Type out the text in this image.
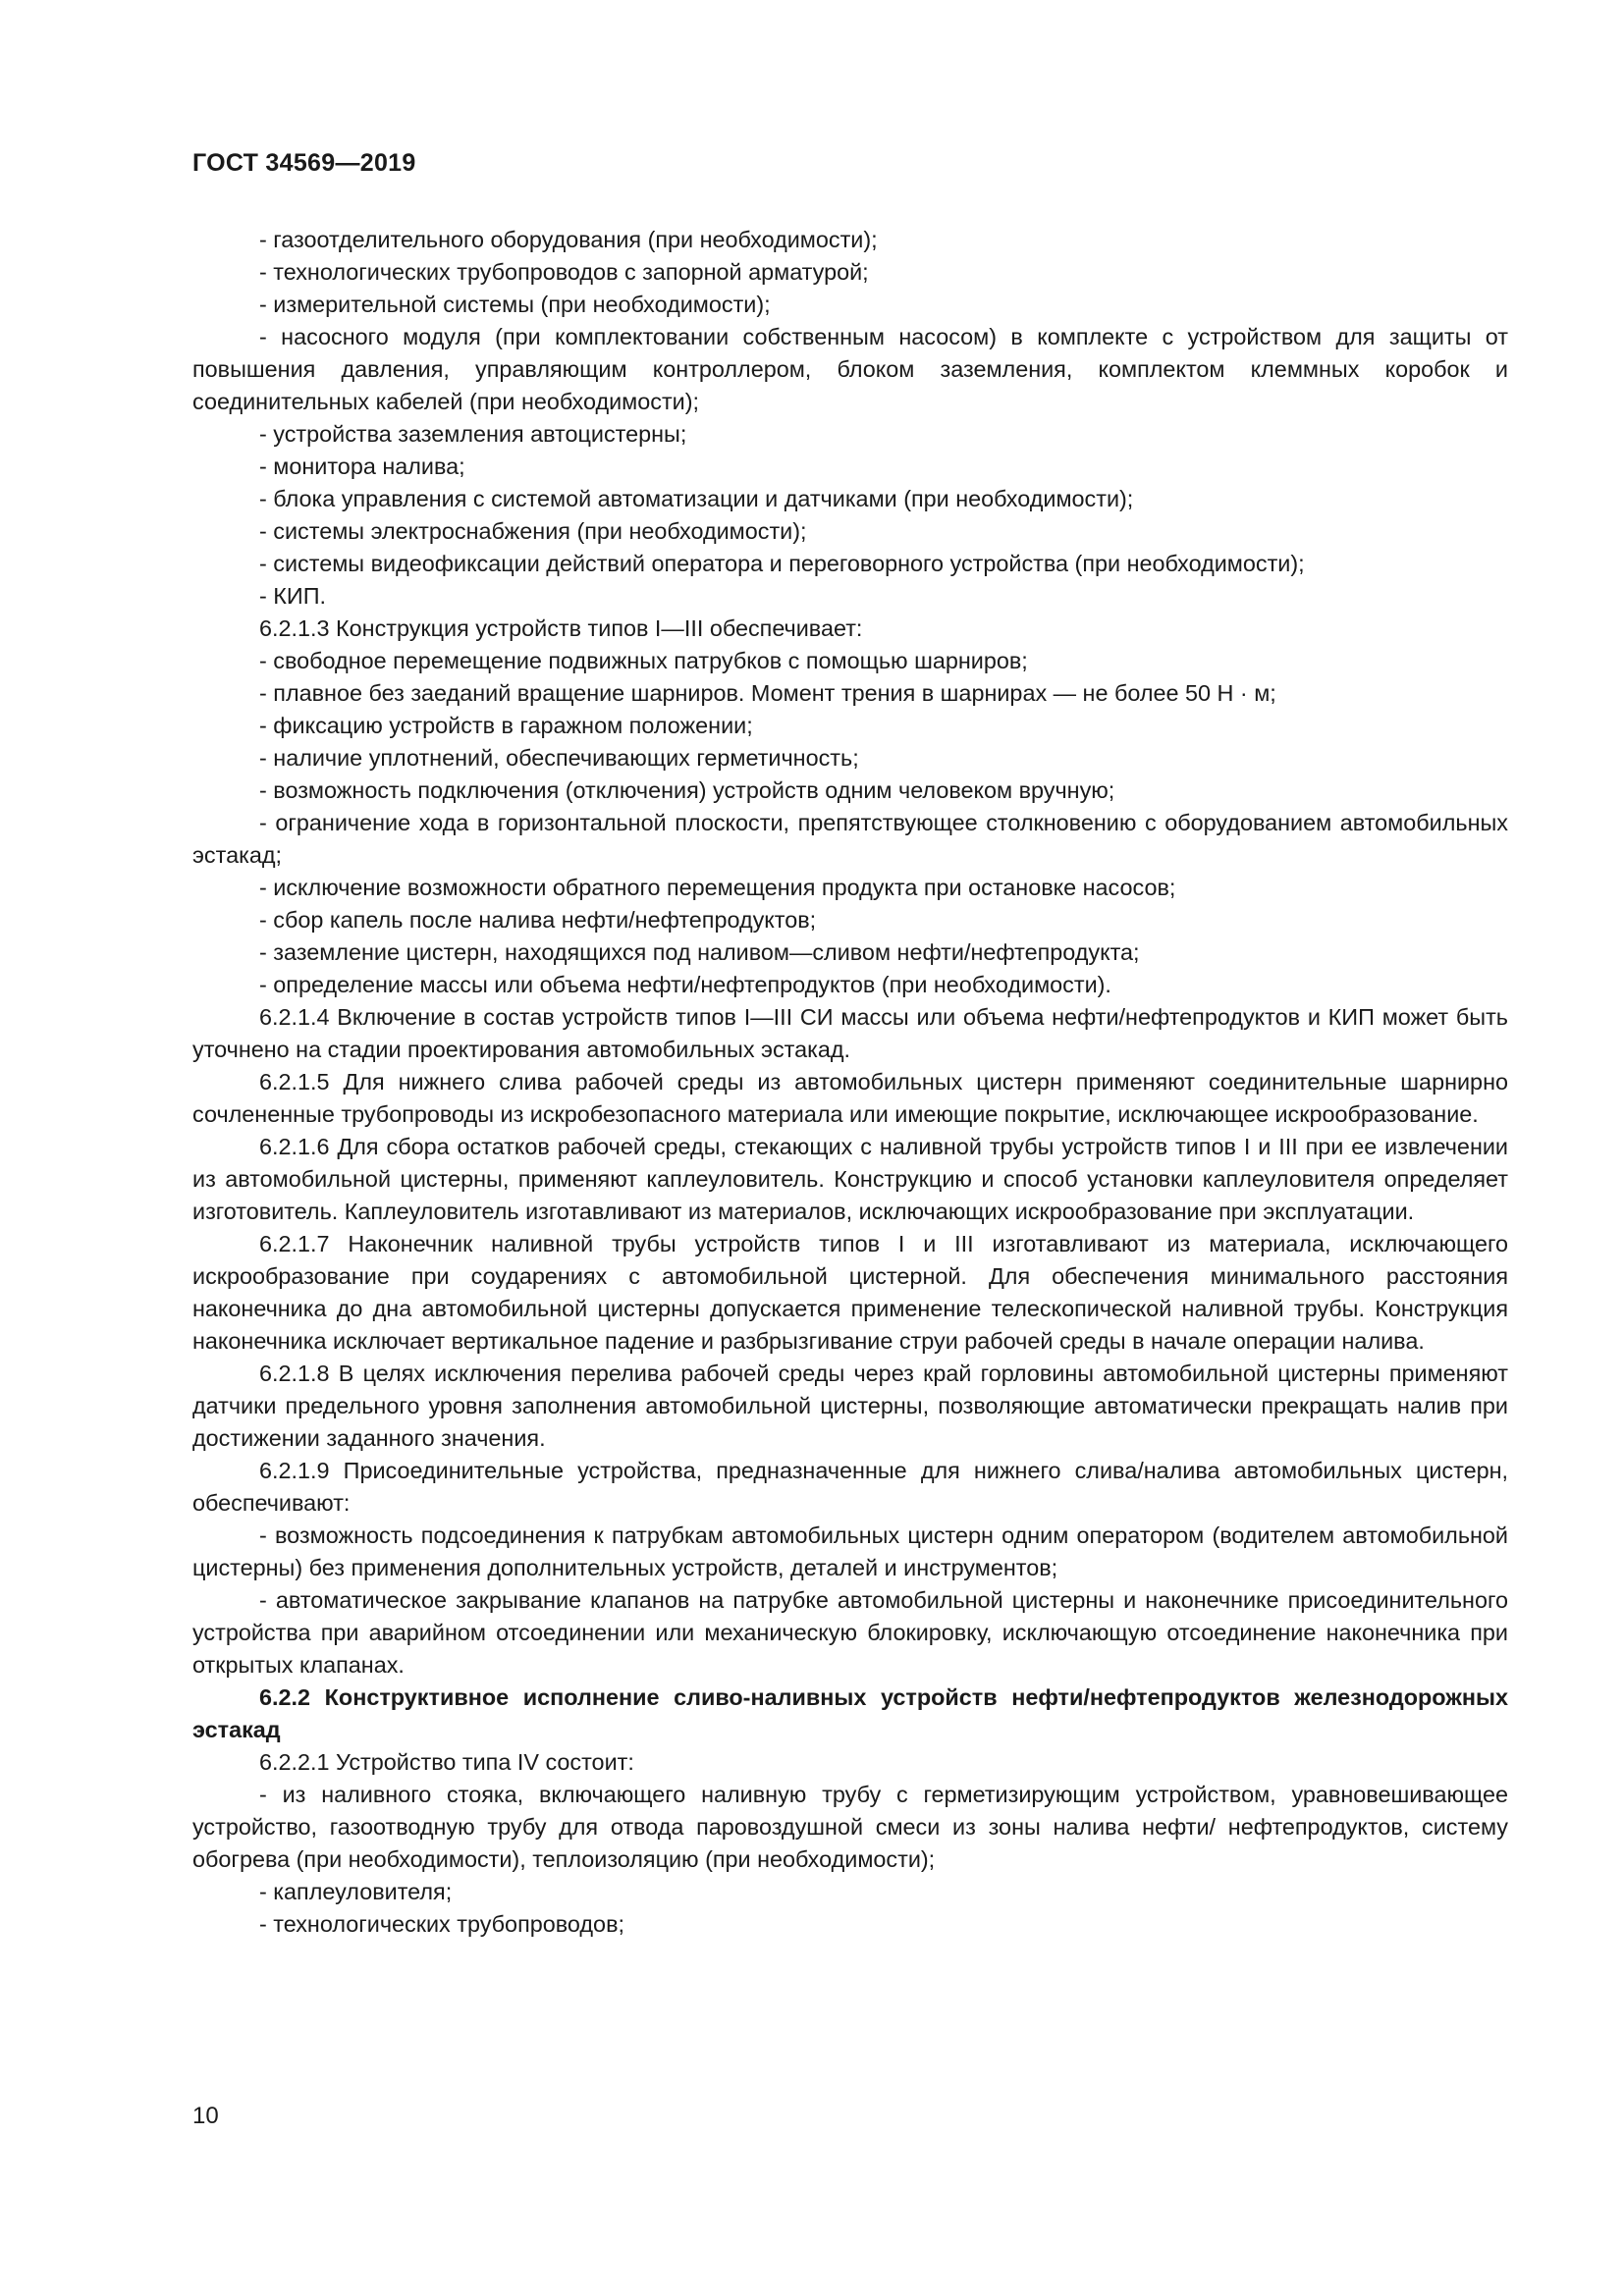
ГОСТ 34569—2019

- газоотделительного оборудования (при необходимости);

- технологических трубопроводов с запорной арматурой;

- измерительной системы (при необходимости);

- насосного модуля (при комплектовании собственным насосом) в комплекте с устройством для защиты от повышения давления, управляющим контроллером, блоком заземления, комплектом клеммных коробок и соединительных кабелей (при необходимости);

- устройства заземления автоцистерны;

- монитора налива;

- блока управления с системой автоматизации и датчиками (при необходимости);

- системы электроснабжения (при необходимости);

- системы видеофиксации действий оператора и переговорного устройства (при необходимости);

- КИП.

6.2.1.3 Конструкция устройств типов I—III обеспечивает:

- свободное перемещение подвижных патрубков с помощью шарниров;

- плавное без заеданий вращение шарниров. Момент трения в шарнирах — не более 50 Н · м;

- фиксацию устройств в гаражном положении;

- наличие уплотнений, обеспечивающих герметичность;

- возможность подключения (отключения) устройств одним человеком вручную;

- ограничение хода в горизонтальной плоскости, препятствующее столкновению с оборудованием автомобильных эстакад;

- исключение возможности обратного перемещения продукта при остановке насосов;

- сбор капель после налива нефти/нефтепродуктов;

- заземление цистерн, находящихся под наливом—сливом нефти/нефтепродукта;

- определение массы или объема нефти/нефтепродуктов (при необходимости).

6.2.1.4 Включение в состав устройств типов I—III СИ массы или объема нефти/нефтепродуктов и КИП может быть уточнено на стадии проектирования автомобильных эстакад.

6.2.1.5 Для нижнего слива рабочей среды из автомобильных цистерн применяют соединительные шарнирно сочлененные трубопроводы из искробезопасного материала или имеющие покрытие, исключающее искрообразование.

6.2.1.6 Для сбора остатков рабочей среды, стекающих с наливной трубы устройств типов I и III при ее извлечении из автомобильной цистерны, применяют каплеуловитель. Конструкцию и способ установки каплеуловителя определяет изготовитель. Каплеуловитель изготавливают из материалов, исключающих искрообразование при эксплуатации.

6.2.1.7 Наконечник наливной трубы устройств типов I и III изготавливают из материала, исключающего искрообразование при соударениях с автомобильной цистерной. Для обеспечения минимального расстояния наконечника до дна автомобильной цистерны допускается применение телескопической наливной трубы. Конструкция наконечника исключает вертикальное падение и разбрызгивание струи рабочей среды в начале операции налива.

6.2.1.8 В целях исключения перелива рабочей среды через край горловины автомобильной цистерны применяют датчики предельного уровня заполнения автомобильной цистерны, позволяющие автоматически прекращать налив при достижении заданного значения.

6.2.1.9 Присоединительные устройства, предназначенные для нижнего слива/налива автомобильных цистерн, обеспечивают:

- возможность подсоединения к патрубкам автомобильных цистерн одним оператором (водителем автомобильной цистерны) без применения дополнительных устройств, деталей и инструментов;

- автоматическое закрывание клапанов на патрубке автомобильной цистерны и наконечнике присоединительного устройства при аварийном отсоединении или механическую блокировку, исключающую отсоединение наконечника при открытых клапанах.

6.2.2 Конструктивное исполнение сливо-наливных устройств нефти/нефтепродуктов железнодорожных эстакад

6.2.2.1 Устройство типа IV состоит:

- из наливного стояка, включающего наливную трубу с герметизирующим устройством, уравновешивающее устройство, газоотводную трубу для отвода паровоздушной смеси из зоны налива нефти/ нефтепродуктов, систему обогрева (при необходимости), теплоизоляцию (при необходимости);

- каплеуловителя;

- технологических трубопроводов;

10
